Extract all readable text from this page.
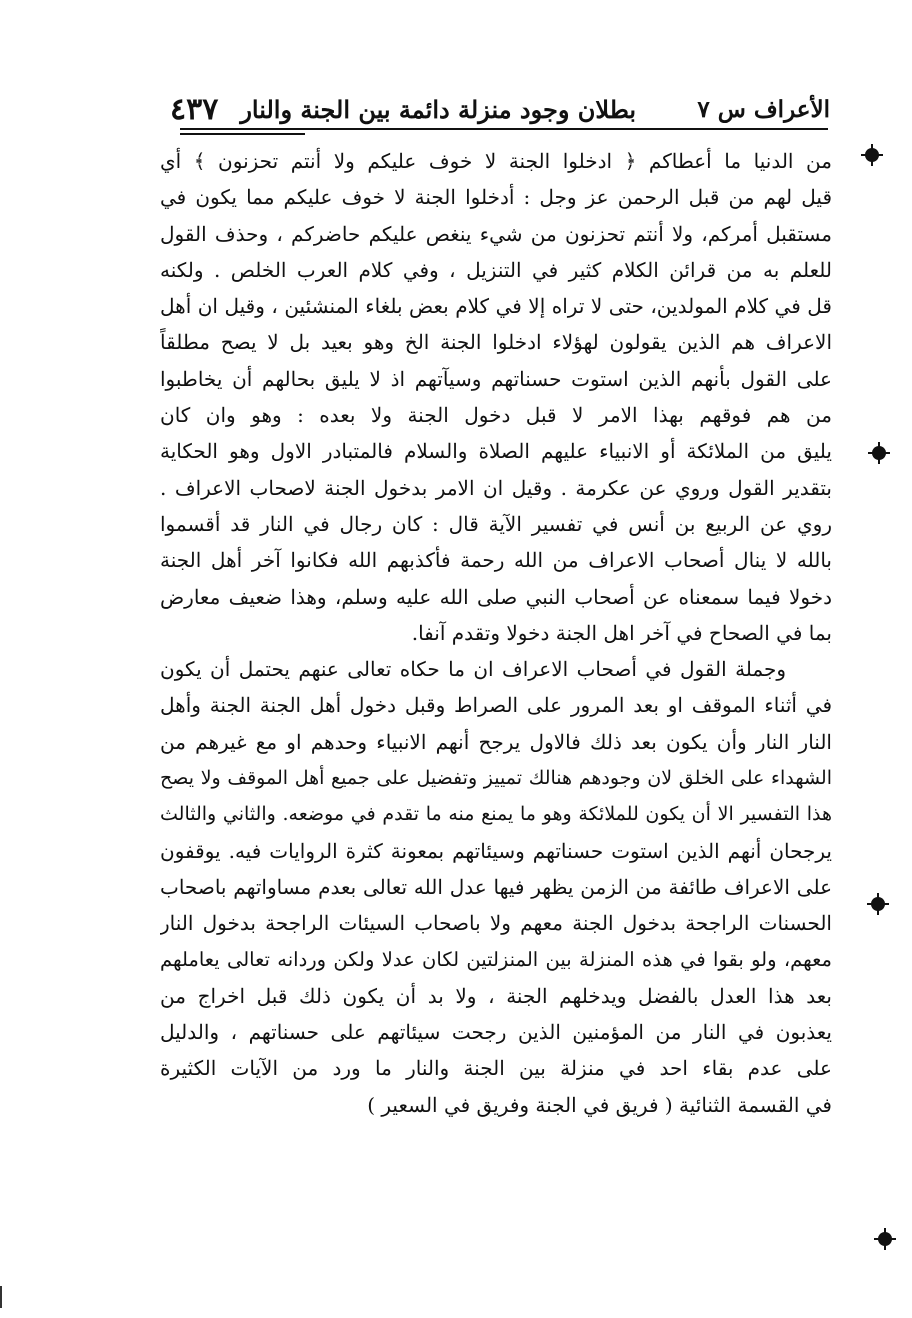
الأعراف س ٧
بطلان وجود منزلة دائمة بين الجنة والنار
٤٣٧
من الدنيا ما أعطاكم ﴿ ادخلوا الجنة لا خوف عليكم ولا أنتم تحزنون ﴾ أي
قيل لهم من قبل الرحمن عز وجل : أدخلوا الجنة لا خوف عليكم مما يكون في
مستقبل أمركم، ولا أنتم تحزنون من شيء ينغص عليكم حاضركم ، وحذف القول
للعلم به من قرائن الكلام كثير في التنزيل ، وفي كلام العرب الخلص . ولكنه
قل في كلام المولدين، حتى لا تراه إلا في كلام بعض بلغاء المنشئين ، وقيل ان أهل
الاعراف هم الذين يقولون لهؤلاء ادخلوا الجنة الخ وهو بعيد بل لا يصح مطلقاً
على القول بأنهم الذين استوت حسناتهم وسيآتهم اذ لا يليق بحالهم أن يخاطبوا
من هم فوقهم بهذا الامر لا قبل دخول الجنة ولا بعده : وهو وان كان
يليق من الملائكة أو الانبياء عليهم الصلاة والسلام فالمتبادر الاول وهو الحكاية
بتقدير القول وروي عن عكرمة . وقيل ان الامر بدخول الجنة لاصحاب الاعراف .
روي عن الربيع بن أنس في تفسير الآية قال : كان رجال في النار قد أقسموا
بالله لا ينال أصحاب الاعراف من الله رحمة فأكذبهم الله فكانوا آخر أهل الجنة
دخولا فيما سمعناه عن أصحاب النبي صلى الله عليه وسلم، وهذا ضعيف معارض
بما في الصحاح في آخر اهل الجنة دخولا وتقدم آنفا.
وجملة القول في أصحاب الاعراف ان ما حكاه تعالى عنهم يحتمل أن يكون
في أثناء الموقف او بعد المرور على الصراط وقبل دخول أهل الجنة الجنة وأهل
النار النار وأن يكون بعد ذلك فالاول يرجح أنهم الانبياء وحدهم او مع غيرهم من
الشهداء على الخلق لان وجودهم هنالك تمييز وتفضيل على جميع أهل الموقف ولا يصح
هذا التفسير الا أن يكون للملائكة وهو ما يمنع منه ما تقدم في موضعه. والثاني والثالث
يرجحان أنهم الذين استوت حسناتهم وسيئاتهم بمعونة كثرة الروايات فيه. يوقفون
على الاعراف طائفة من الزمن يظهر فيها عدل الله تعالى بعدم مساواتهم باصحاب
الحسنات الراجحة بدخول الجنة معهم ولا باصحاب السيئات الراجحة بدخول النار
معهم، ولو بقوا في هذه المنزلة بين المنزلتين لكان عدلا ولكن وردانه تعالى يعاملهم
بعد هذا العدل بالفضل ويدخلهم الجنة ، ولا بد أن يكون ذلك قبل اخراج من
يعذبون في النار من المؤمنين الذين رجحت سيئاتهم على حسناتهم ، والدليل
على عدم بقاء احد في منزلة بين الجنة والنار ما ورد من الآيات الكثيرة
في القسمة الثنائية ( فريق في الجنة وفريق في السعير )
